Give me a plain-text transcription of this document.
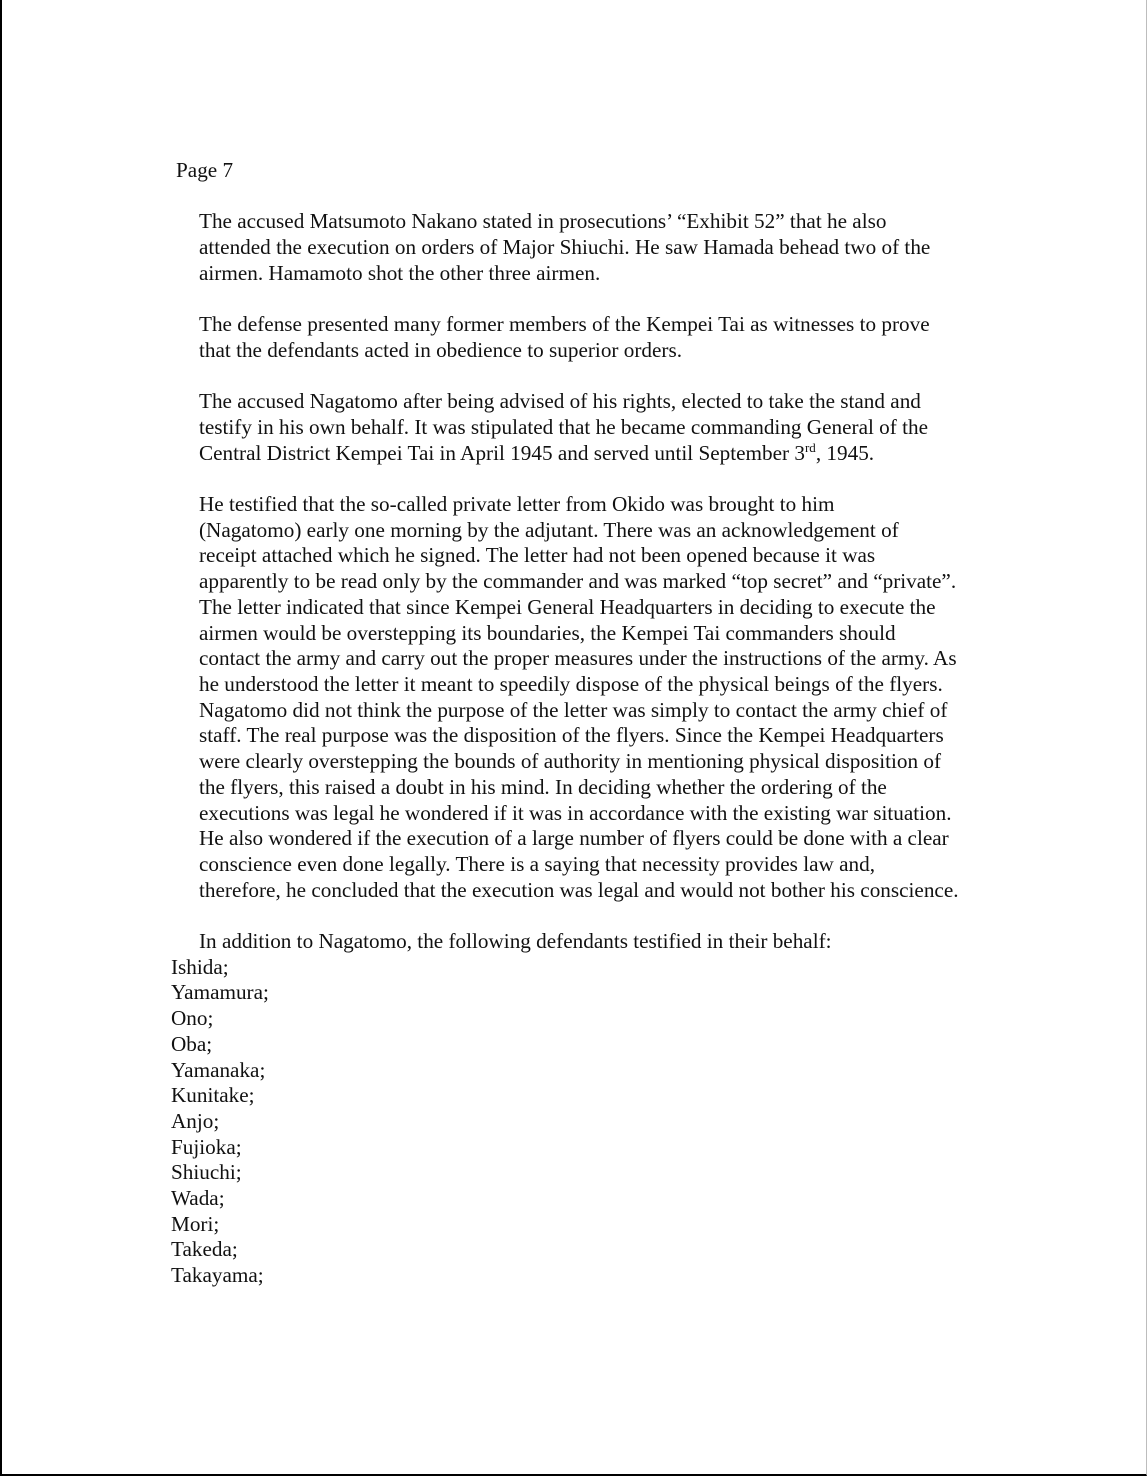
Page 7

The accused Matsumoto Nakano stated in prosecutions’ “Exhibit 52” that he also
attended the execution on orders of Major Shiuchi. He saw Hamada behead two of the
airmen. Hamamoto shot the other three airmen.

The defense presented many former members of the Kempei Tai as witnesses to prove
that the defendants acted in obedience to superior orders.

The accused Nagatomo after being advised of his rights, elected to take the stand and
testify in his own behalf. It was stipulated that he became commanding General of the
Central District Kempei Tai in April 1945 and served until September 3rd, 1945.

He testified that the so-called private letter from Okido was brought to him
(Nagatomo) early one morning by the adjutant. There was an acknowledgement of
receipt attached which he signed. The letter had not been opened because it was
apparently to be read only by the commander and was marked “top secret” and “private”.
The letter indicated that since Kempei General Headquarters in deciding to execute the
airmen would be overstepping its boundaries, the Kempei Tai commanders should
contact the army and carry out the proper measures under the instructions of the army. As
he understood the letter it meant to speedily dispose of the physical beings of the flyers.
Nagatomo did not think the purpose of the letter was simply to contact the army chief of
staff. The real purpose was the disposition of the flyers. Since the Kempei Headquarters
were clearly overstepping the bounds of authority in mentioning physical disposition of
the flyers, this raised a doubt in his mind. In deciding whether the ordering of the
executions was legal he wondered if it was in accordance with the existing war situation.
He also wondered if the execution of a large number of flyers could be done with a clear
conscience even done legally. There is a saying that necessity provides law and,
therefore, he concluded that the execution was legal and would not bother his conscience.

In addition to Nagatomo, the following defendants testified in their behalf:

Ishida;
Yamamura;
Ono;
Oba;
Yamanaka;
Kunitake;
Anjo;
Fujioka;
Shiuchi;
Wada;
Mori;
Takeda;
Takayama;
